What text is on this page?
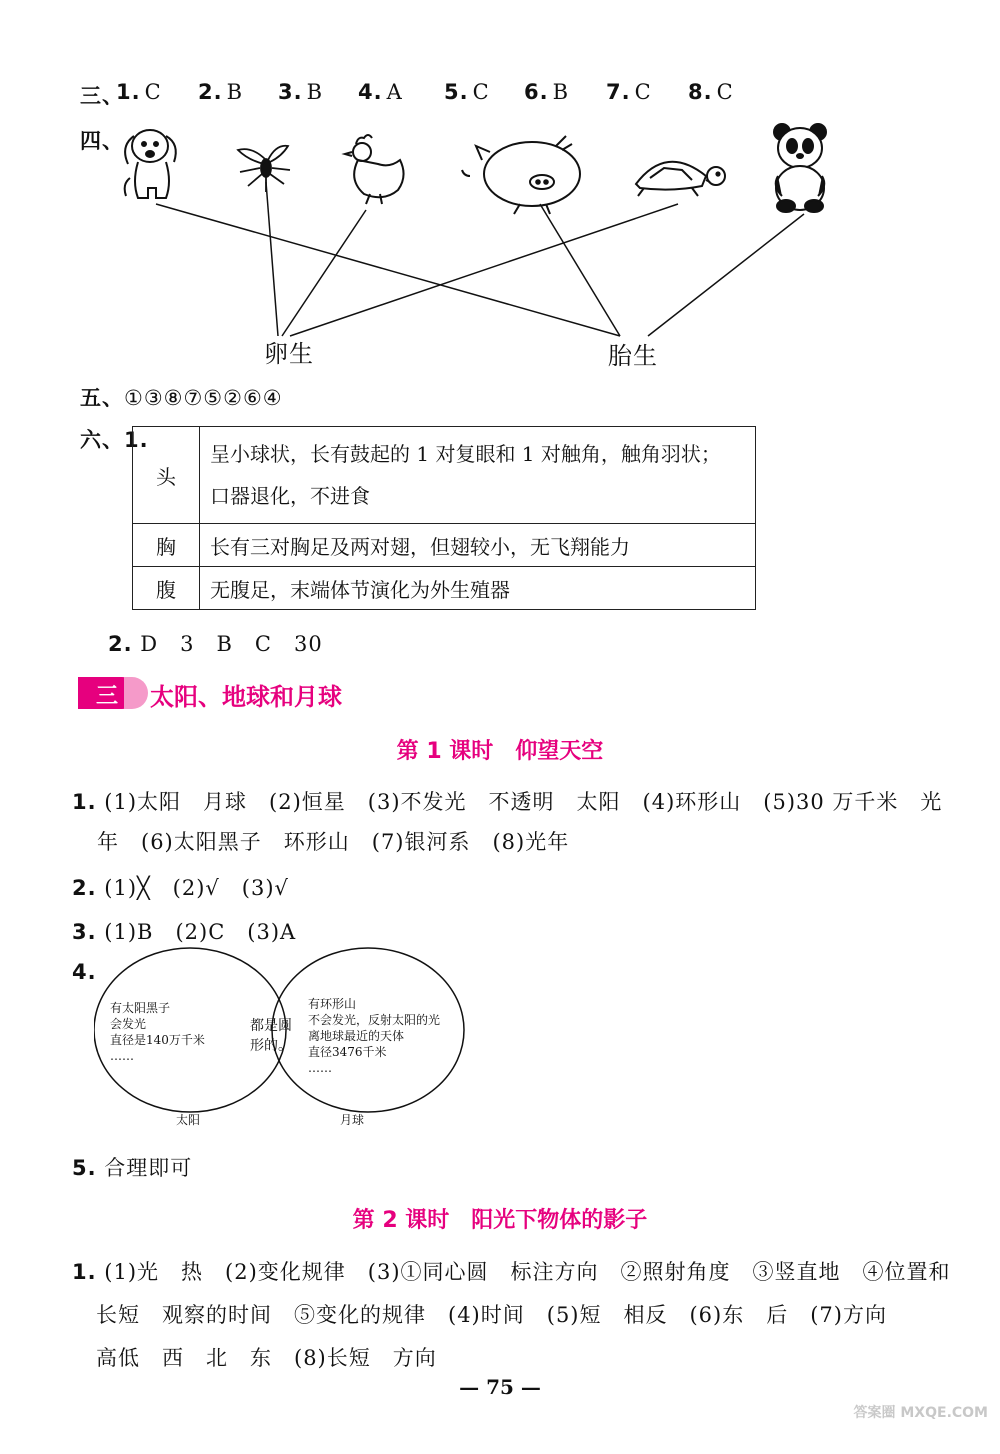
三、
1. C 2. B 3. B 4. A 5. C 6. B 7. C 8. C
四、
卵生	胎生
五、①③⑧⑦⑤②⑥④
六、1.
头	呈小球状，长有鼓起的 1 对复眼和 1 对触角，触角羽状；
口器退化，不进食

胸	长有三对胸足及两对翅，但翅较小，无飞翔能力
腹	无腹足，末端体节演化为外生殖器
2. D　3　B　C　30
三 太阳、地球和月球
第 1 课时　仰望天空
1. (1)太阳　月球　(2)恒星　(3)不发光　不透明　太阳　(4)环形山　(5)30 万千米　光
年　(6)太阳黑子　环形山　(7)银河系　(8)光年
2. (1)╳　(2)√　(3)√
3. (1)B　(2)C　(3)A
4.
有太阳黑子
会发光
直径是140万千米
……
都是圆
形的。
有环形山
不会发光，反射太阳的光
离地球最近的天体
直径3476千米
……
太阳	月球
5. 合理即可
第 2 课时　阳光下物体的影子
1. (1)光　热　(2)变化规律　(3)①同心圆　标注方向　②照射角度　③竖直地　④位置和
长短　观察的时间　⑤变化的规律　(4)时间　(5)短　相反　(6)东　后　(7)方向
高低　西　北　东　(8)长短　方向
— 75 —
答案圈 MXQE.COM
